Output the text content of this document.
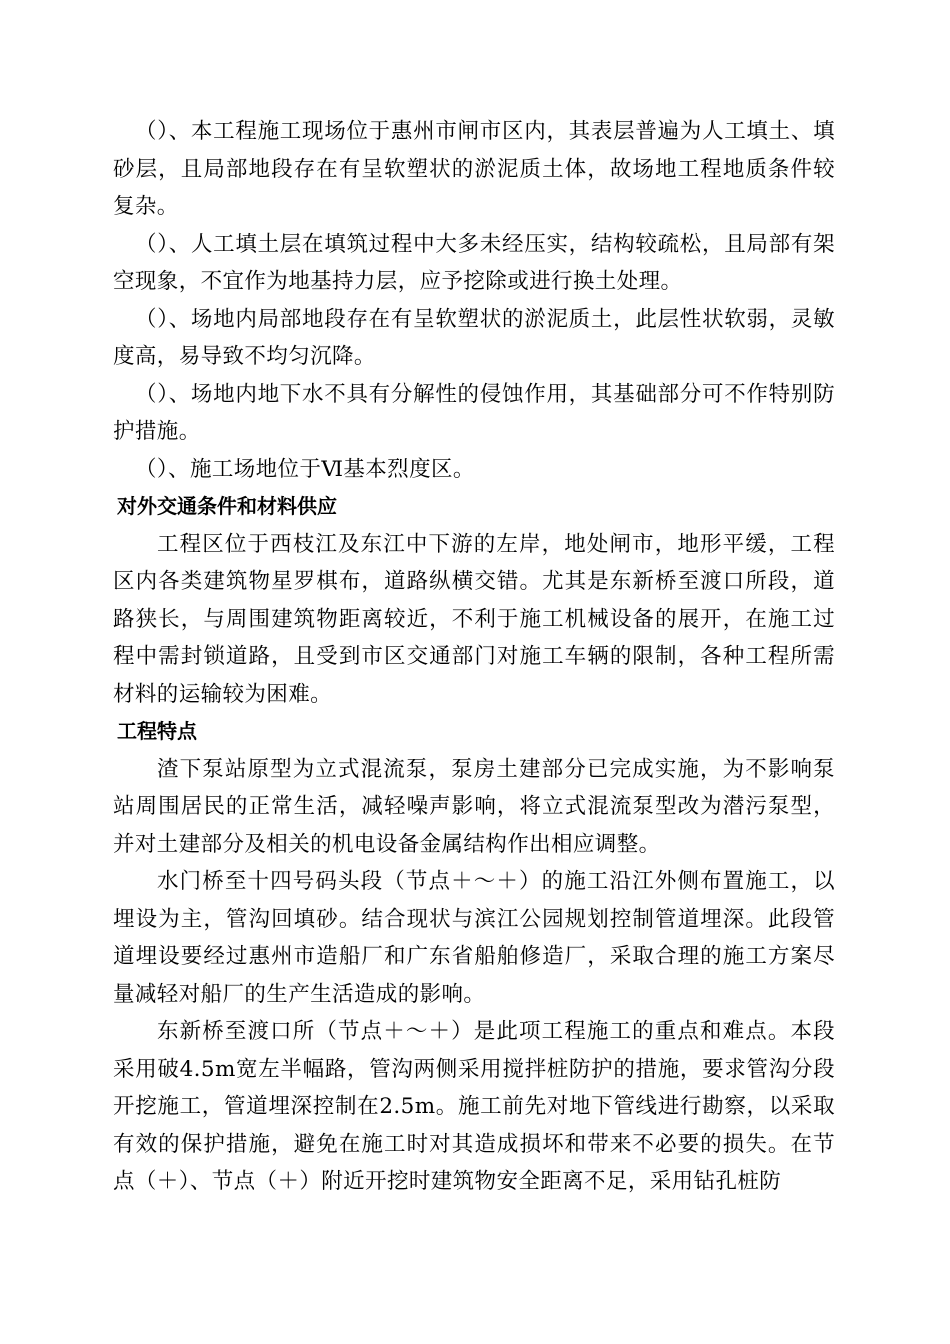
（）、本工程施工现场位于惠州市闸市区内，其表层普遍为人工填土、填砂层，且局部地段存在有呈软塑状的淤泥质土体，故场地工程地质条件较复杂。

（）、人工填土层在填筑过程中大多未经压实，结构较疏松，且局部有架空现象，不宜作为地基持力层，应予挖除或进行换土处理。

（）、场地内局部地段存在有呈软塑状的淤泥质土，此层性状软弱，灵敏度高，易导致不均匀沉降。

（）、场地内地下水不具有分解性的侵蚀作用，其基础部分可不作特别防护措施。

（）、施工场地位于Ⅵ基本烈度区。

对外交通条件和材料供应

工程区位于西枝江及东江中下游的左岸，地处闸市，地形平缓，工程区内各类建筑物星罗棋布，道路纵横交错。尤其是东新桥至渡口所段，道路狭长，与周围建筑物距离较近，不利于施工机械设备的展开，在施工过程中需封锁道路，且受到市区交通部门对施工车辆的限制，各种工程所需材料的运输较为困难。

工程特点

渣下泵站原型为立式混流泵，泵房土建部分已完成实施，为不影响泵站周围居民的正常生活，减轻噪声影响，将立式混流泵型改为潜污泵型，并对土建部分及相关的机电设备金属结构作出相应调整。

水门桥至十四号码头段（节点＋～＋）的施工沿江外侧布置施工，以埋设为主，管沟回填砂。结合现状与滨江公园规划控制管道埋深。此段管道埋设要经过惠州市造船厂和广东省船舶修造厂，采取合理的施工方案尽量减轻对船厂的生产生活造成的影响。

东新桥至渡口所（节点＋～＋）是此项工程施工的重点和难点。本段采用破4.5m宽左半幅路，管沟两侧采用搅拌桩防护的措施，要求管沟分段开挖施工，管道埋深控制在2.5m。施工前先对地下管线进行勘察，以采取有效的保护措施，避免在施工时对其造成损坏和带来不必要的损失。在节点（＋）、节点（＋）附近开挖时建筑物安全距离不足，采用钻孔桩防
